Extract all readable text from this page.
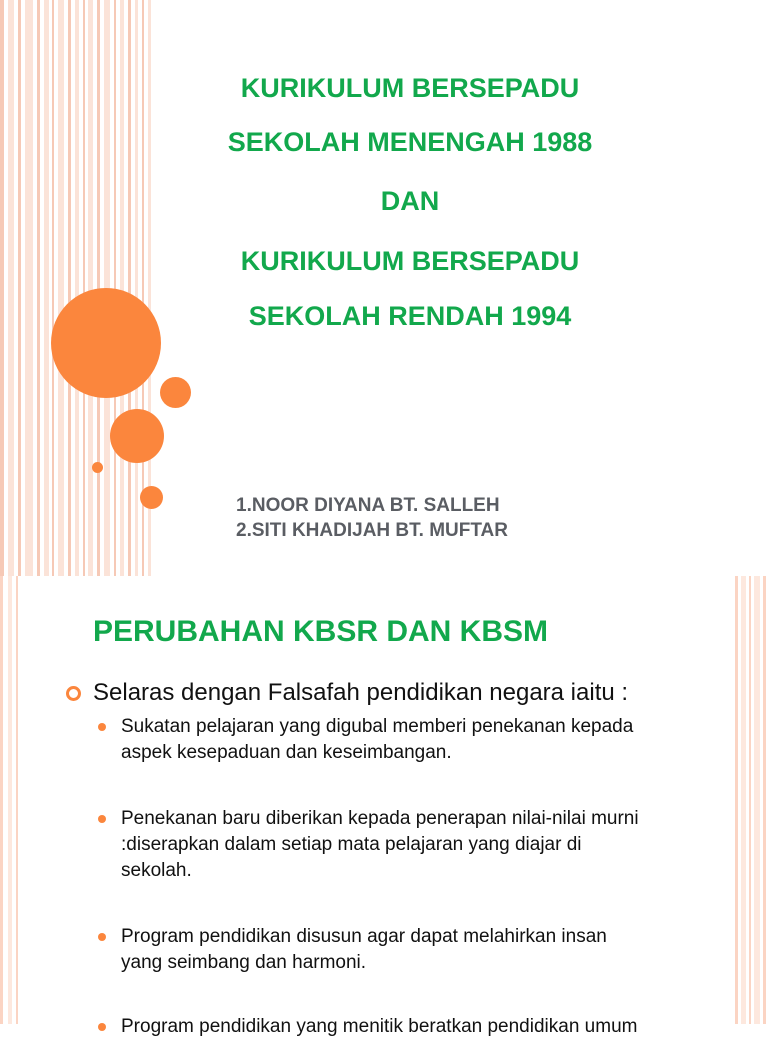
KURIKULUM BERSEPADU
SEKOLAH MENENGAH 1988
DAN
KURIKULUM BERSEPADU
SEKOLAH RENDAH 1994
1.NOOR DIYANA BT. SALLEH
2.SITI KHADIJAH BT. MUFTAR
PERUBAHAN KBSR DAN KBSM
Selaras dengan Falsafah pendidikan negara iaitu :
Sukatan pelajaran yang digubal memberi penekanan kepada
aspek kesepaduan dan keseimbangan.
Penekanan baru diberikan kepada penerapan nilai-nilai murni
:diserapkan dalam setiap mata pelajaran yang diajar di
sekolah.
Program pendidikan disusun agar dapat melahirkan insan
yang seimbang dan harmoni.
Program pendidikan yang menitik beratkan pendidikan umum
